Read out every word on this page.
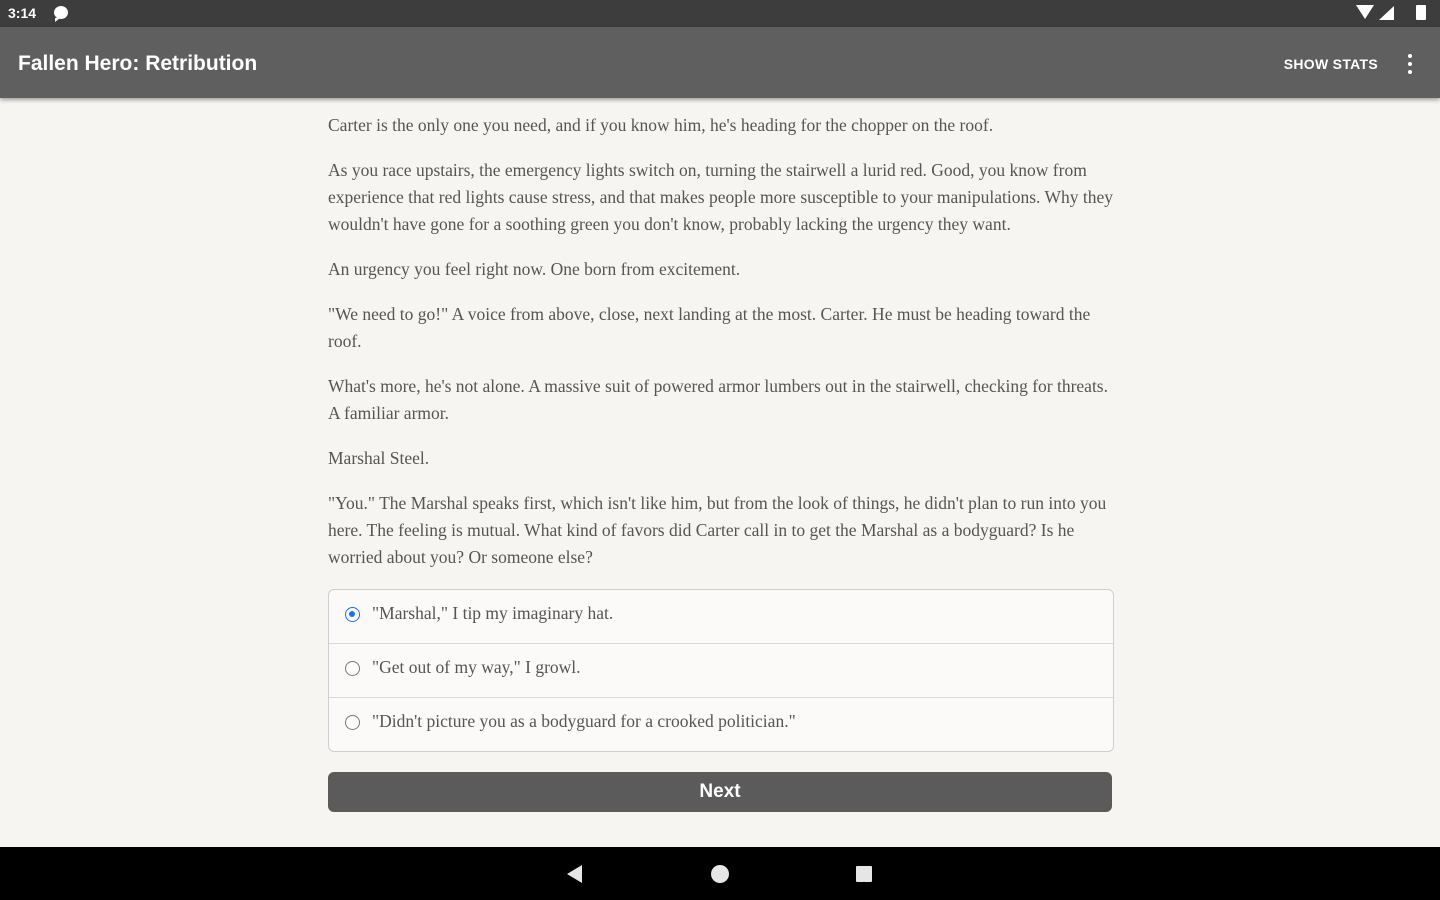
3:14
Fallen Hero: Retribution	SHOW STATS

Carter is the only one you need, and if you know him, he's heading for the chopper on the roof.

As you race upstairs, the emergency lights switch on, turning the stairwell a lurid red. Good, you know from experience that red lights cause stress, and that makes people more susceptible to your manipulations. Why they wouldn't have gone for a soothing green you don't know, probably lacking the urgency they want.

An urgency you feel right now. One born from excitement.

"We need to go!" A voice from above, close, next landing at the most. Carter. He must be heading toward the roof.

What's more, he's not alone. A massive suit of powered armor lumbers out in the stairwell, checking for threats. A familiar armor.

Marshal Steel.

"You." The Marshal speaks first, which isn't like him, but from the look of things, he didn't plan to run into you here. The feeling is mutual. What kind of favors did Carter call in to get the Marshal as a bodyguard? Is he worried about you? Or someone else?

"Marshal," I tip my imaginary hat.
"Get out of my way," I growl.
"Didn't picture you as a bodyguard for a crooked politician."
Next
